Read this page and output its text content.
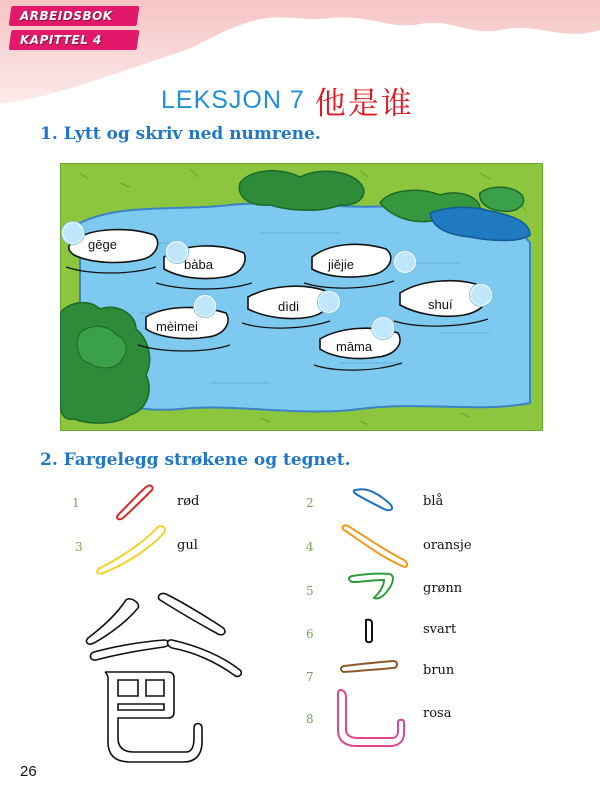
ARBEIDSBOK
KAPITTEL 4
LEKSJON 7 他是谁
1. Lytt og skriv ned numrene.
gēge
bàba	jiějie
mèimei
dìdi	shuí
māma
2. Fargelegg strøkene og tegnet.
1	rød	2	blå
3	gul	4	oransje
5	grønn
6	svart
7	brun
8	rosa
26
